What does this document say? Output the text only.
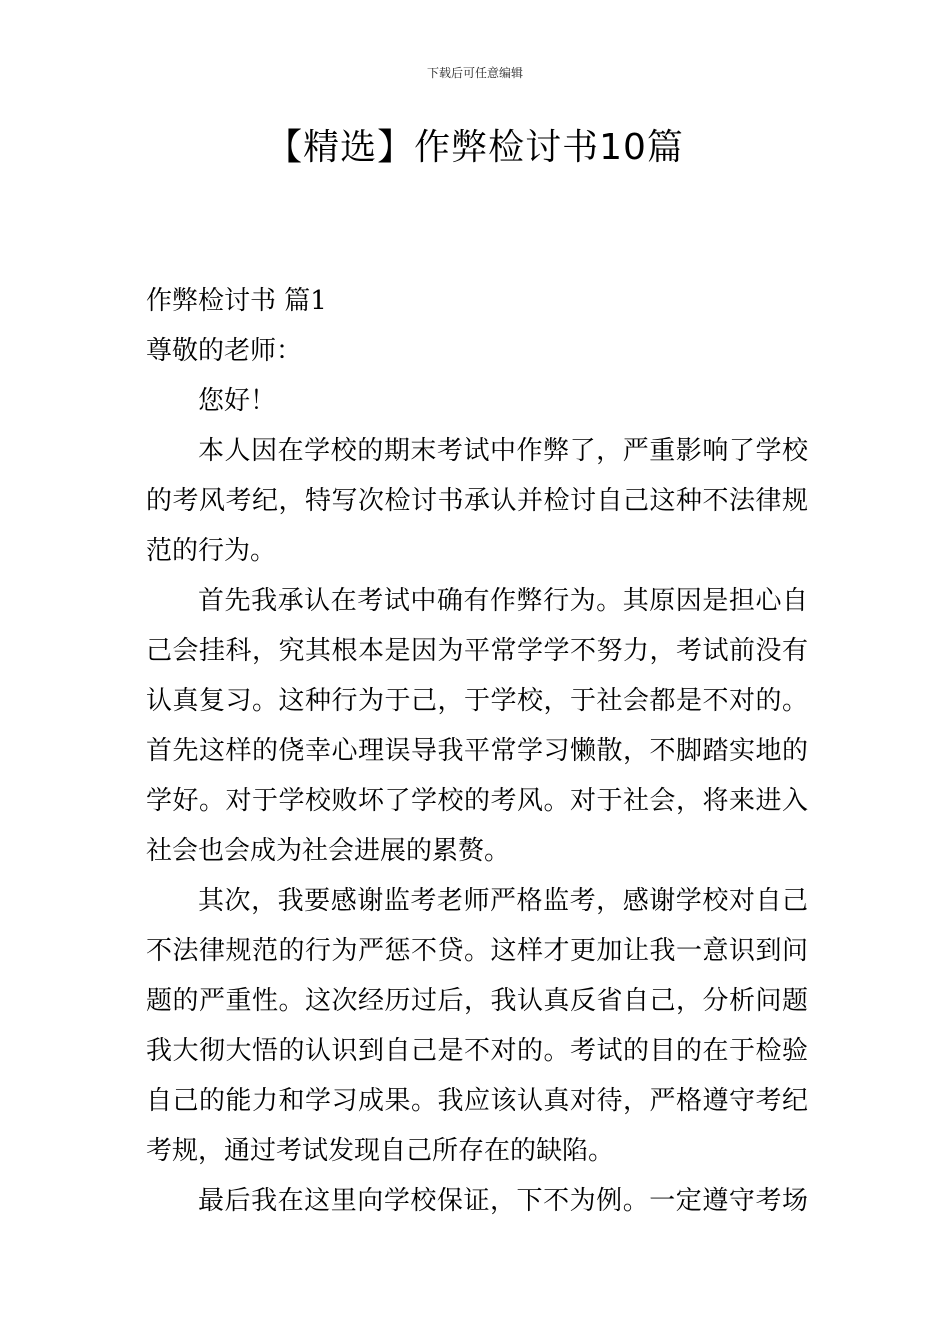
下载后可任意编辑
【精选】作弊检讨书10篇
作弊检讨书 篇1
尊敬的老师：
您好！
本人因在学校的期末考试中作弊了，严重影响了学校
的考风考纪，特写次检讨书承认并检讨自己这种不法律规
范的行为。
首先我承认在考试中确有作弊行为。其原因是担心自
己会挂科，究其根本是因为平常学学不努力，考试前没有
认真复习。这种行为于己，于学校，于社会都是不对的。
首先这样的侥幸心理误导我平常学习懒散，不脚踏实地的
学好。对于学校败坏了学校的考风。对于社会，将来进入
社会也会成为社会进展的累赘。
其次，我要感谢监考老师严格监考，感谢学校对自己
不法律规范的行为严惩不贷。这样才更加让我一意识到问
题的严重性。这次经历过后，我认真反省自己，分析问题
我大彻大悟的认识到自己是不对的。考试的目的在于检验
自己的能力和学习成果。我应该认真对待，严格遵守考纪
考规，通过考试发现自己所存在的缺陷。
最后我在这里向学校保证，下不为例。一定遵守考场
